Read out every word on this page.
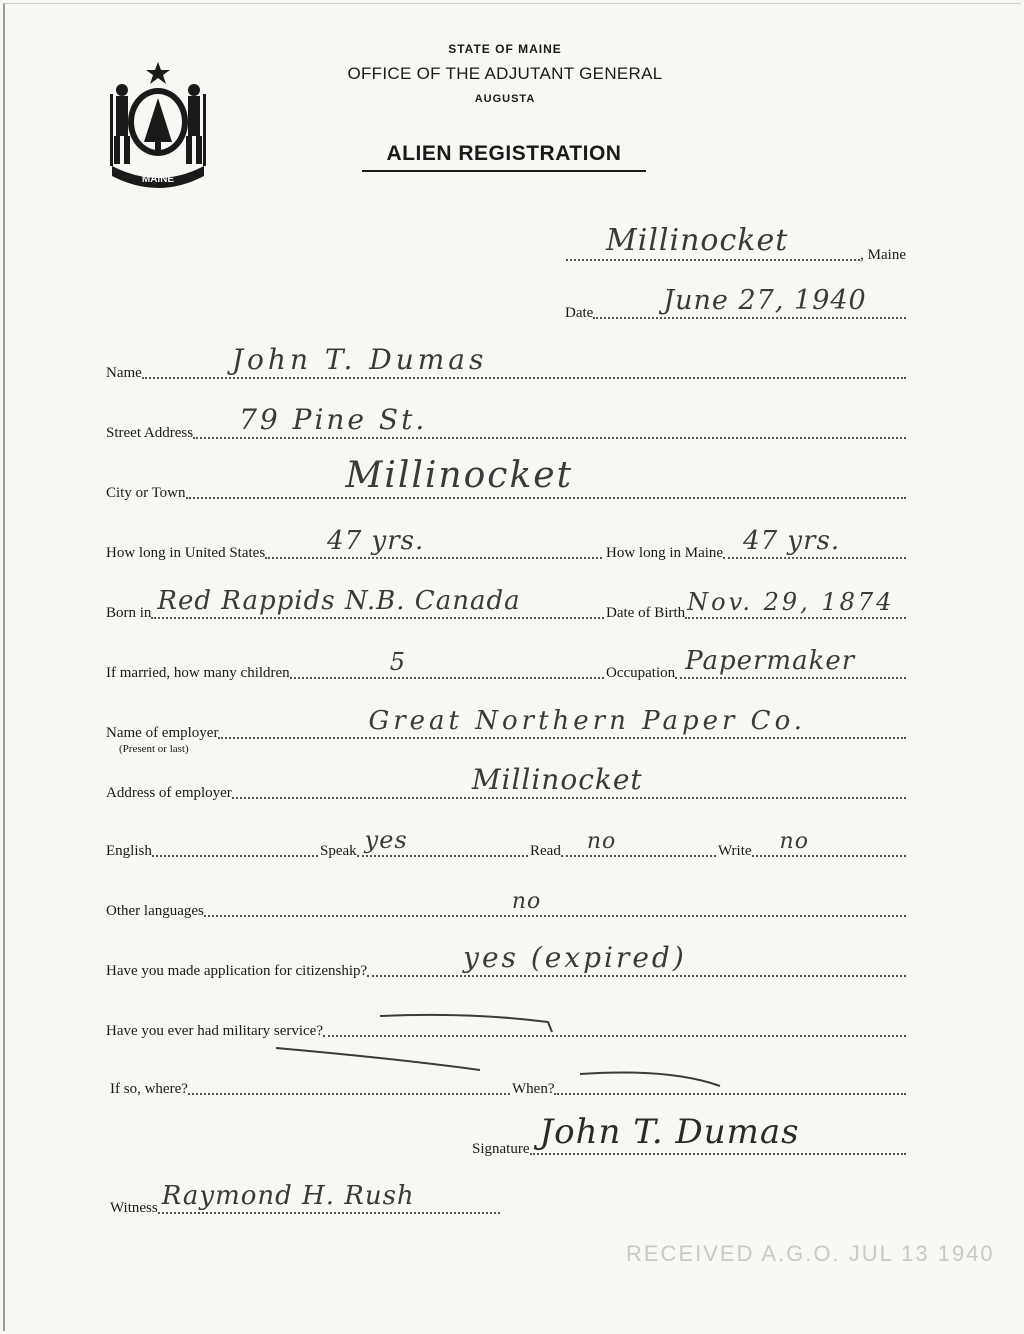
MAINE
STATE OF MAINE
OFFICE OF THE ADJUTANT GENERAL
AUGUSTA
ALIEN REGISTRATION
Millinocket	, Maine
Date	June 27, 1940
Name	John T. Dumas
Street Address 79 Pine St.
City or Town	Millinocket
How long in United States 47 yrs.	How long in Maine 47 yrs.
Born in Red Rappids N.B. Canada	Date of Birth Nov. 29, 1874
If married, how many children	5	Occupation Papermaker
Name of employer	Great Northern Paper Co.
(Present or last)
Address of employer	Millinocket
English	Speak yes	Read no	Write no
Other languages	no
Have you made application for citizenship?	yes (expired)
Have you ever had military service?
If so, where?	When?
Signature John T. Dumas
Witness Raymond H. Rush
RECEIVED A.G.O. JUL 13 1940
